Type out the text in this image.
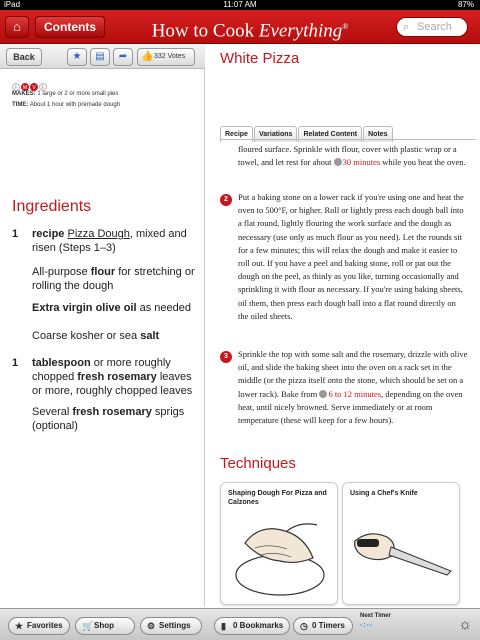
iPad	11:07 AM	87%
⌂	Contents	How to Cook Everything®	⌕ Search
Back	★	▤	➦	👍 332 Votes
F M V E
MAKES: 1 large or 2 or more small pies
TIME: About 1 hour with premade dough
Ingredients
1 recipe Pizza Dough, mixed and risen (Steps 1–3)
All-purpose flour for stretching or rolling the dough
Extra virgin olive oil as needed
Coarse kosher or sea salt
1 tablespoon or more roughly chopped fresh rosemary leaves or more, roughly chopped leaves
Several fresh rosemary sprigs (optional)
White Pizza
Recipe Variations Related Content Notes
floured surface. Sprinkle with flour, cover with plastic wrap or a towel, and let rest for about 30 minutes while you heat the oven.
2	Put a baking stone on a lower rack if you're using one and heat the oven to 500°F, or higher. Roll or lightly press each dough ball into a flat round, lightly flouring the work surface and the dough as necessary (use only as much flour as you need). Let the rounds sit for a few minutes; this will relax the dough and make it easier to roll out. If you have a peel and baking stone, roll or pat out the dough on the peel, as thinly as you like, turning occasionally and sprinkling it with flour as necessary. If you're using baking sheets, oil them, then press each dough ball into a flat round directly on the oiled sheets.
3	Sprinkle the top with some salt and the rosemary, drizzle with olive oil, and slide the baking sheet into the oven on a rack set in the middle (or the pizza itself onto the stone, which should be set on a lower rack). Bake from 6 to 12 minutes, depending on the oven heat, until nicely browned. Serve immediately or at room temperature (these will keep for a few hours).
Techniques
Shaping Dough For Pizza and Calzones
Using a Chef's Knife
★ Favorites	🛒 Shop	⚙ Settings	▮ 0 Bookmarks	◷ 0 Timers
Next Timer
-:--	☼
